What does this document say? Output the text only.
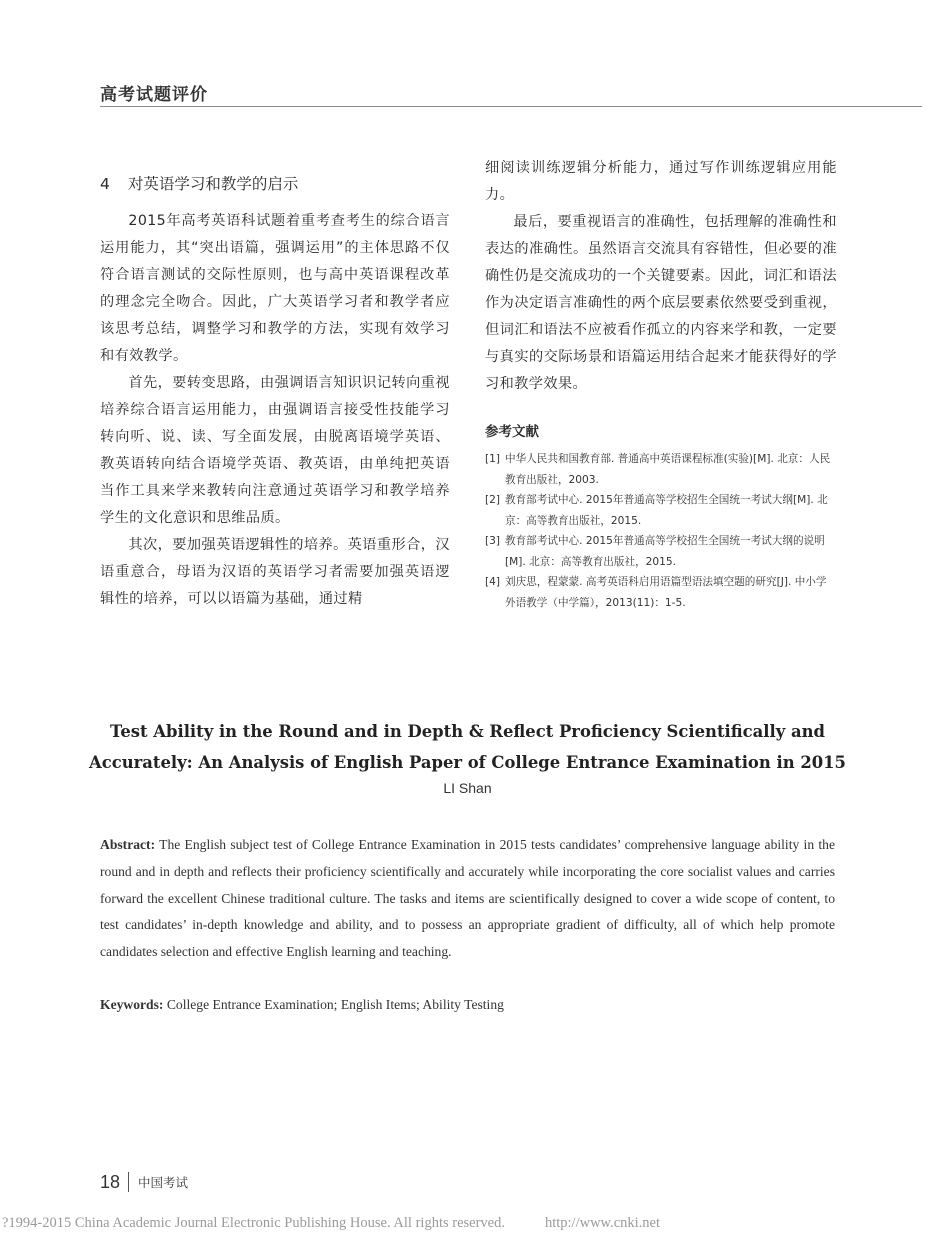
高考试题评价
4 对英语学习和教学的启示

2015年高考英语科试题着重考查考生的综合语言运用能力，其“突出语篇，强调运用”的主体思路不仅符合语言测试的交际性原则，也与高中英语课程改革的理念完全吻合。因此，广大英语学习者和教学者应该思考总结，调整学习和教学的方法，实现有效学习和有效教学。

首先，要转变思路，由强调语言知识识记转向重视培养综合语言运用能力，由强调语言接受性技能学习转向听、说、读、写全面发展，由脱离语境学英语、教英语转向结合语境学英语、教英语，由单纯把英语当作工具来学来教转向注意通过英语学习和教学培养学生的文化意识和思维品质。

其次，要加强英语逻辑性的培养。英语重形合，汉语重意合，母语为汉语的英语学习者需要加强英语逻辑性的培养，可以以语篇为基础，通过精

细阅读训练逻辑分析能力，通过写作训练逻辑应用能力。

最后，要重视语言的准确性，包括理解的准确性和表达的准确性。虽然语言交流具有容错性，但必要的准确性仍是交流成功的一个关键要素。因此，词汇和语法作为决定语言准确性的两个底层要素依然要受到重视，但词汇和语法不应被看作孤立的内容来学和教，一定要与真实的交际场景和语篇运用结合起来才能获得好的学习和教学效果。

参考文献
[1] 中华人民共和国教育部. 普通高中英语课程标准(实验)[M]. 北京：人民教育出版社，2003.
[2] 教育部考试中心. 2015年普通高等学校招生全国统一考试大纲[M]. 北京：高等教育出版社，2015.
[3] 教育部考试中心. 2015年普通高等学校招生全国统一考试大纲的说明[M]. 北京：高等教育出版社，2015.
[4] 刘庆思，程蒙蒙. 高考英语科启用语篇型语法填空题的研究[J]. 中小学外语教学（中学篇），2013(11)：1-5.
Test Ability in the Round and in Depth & Reflect Proficiency Scientifically and Accurately: An Analysis of English Paper of College Entrance Examination in 2015
LI Shan
Abstract: The English subject test of College Entrance Examination in 2015 tests candidates’ comprehensive language ability in the round and in depth and reflects their proficiency scientifically and accurately while incorporating the core socialist values and carries forward the excellent Chinese traditional culture. The tasks and items are scientifically designed to cover a wide scope of content, to test candidates’ in-depth knowledge and ability, and to possess an appropriate gradient of difficulty, all of which help promote candidates selection and effective English learning and teaching.
Keywords: College Entrance Examination; English Items; Ability Testing
18 中国考试
?1994-2015 China Academic Journal Electronic Publishing House. All rights reserved.	http://www.cnki.net
